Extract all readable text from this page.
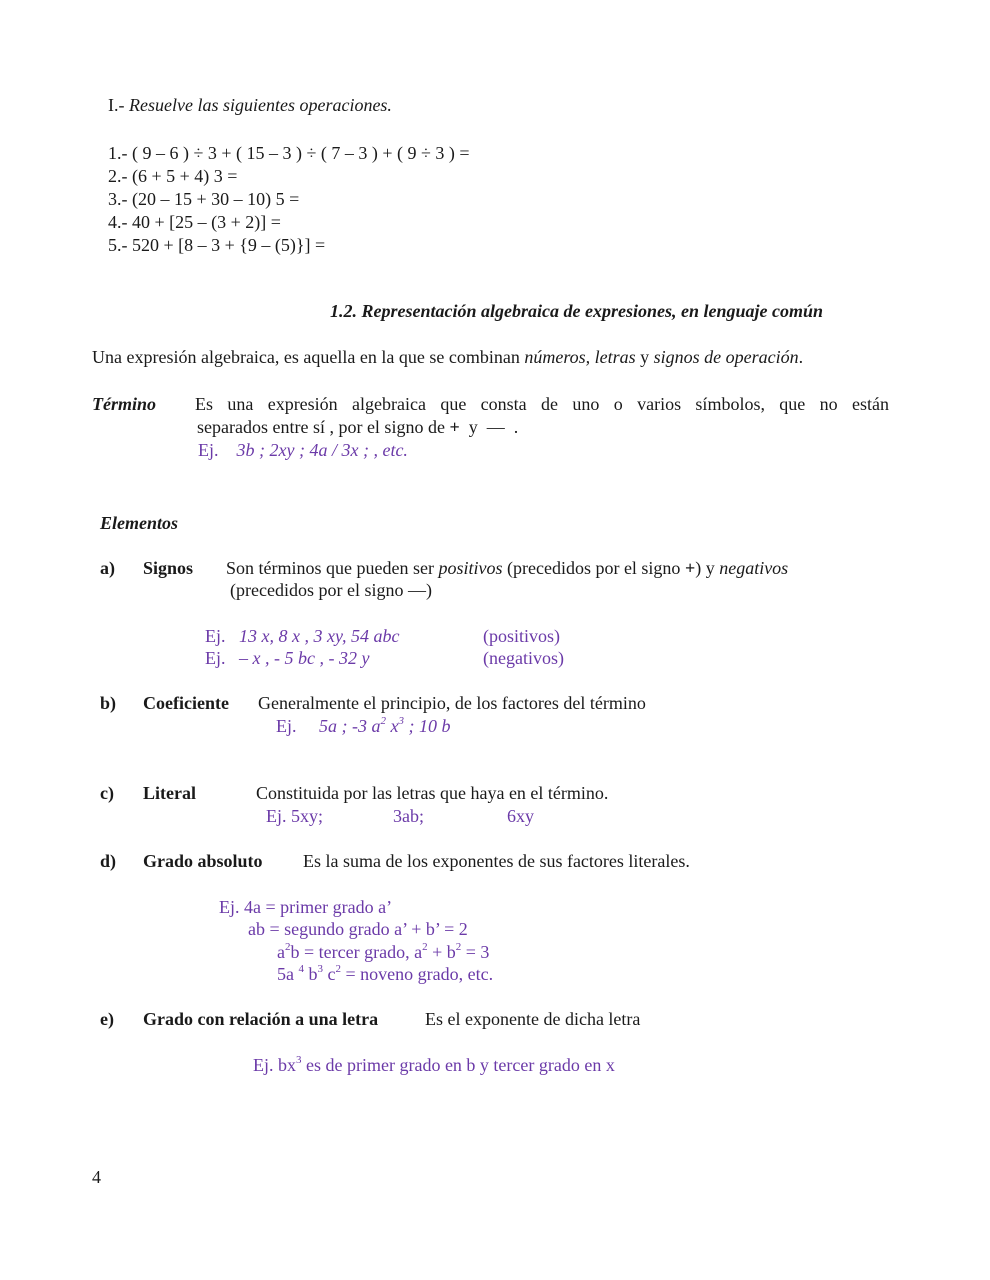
I.- Resuelve las siguientes operaciones.
1.- ( 9 – 6 ) ÷ 3 + ( 15 – 3 ) ÷ ( 7 – 3 ) + ( 9 ÷ 3 ) =
2.- (6 + 5 + 4) 3 =
3.- (20 – 15 + 30 – 10) 5 =
4.- 40 + [25 – (3 + 2)] =
5.- 520 + [8 – 3 + {9 – (5)}] =
1.2. Representación algebraica de expresiones, en lenguaje común
Una expresión algebraica, es aquella en la que se combinan números, letras y signos de operación.
Término Es una expresión algebraica que consta de uno o varios símbolos, que no están
separados entre sí , por el signo de + y — .
Ej. 3b ; 2xy ; 4a / 3x ; , etc.
Elementos
a) Signos Son términos que pueden ser positivos (precedidos por el signo +) y negativos
(precedidos por el signo —)
Ej. 13 x, 8 x , 3 xy, 54 abc	(positivos)
Ej. – x , - 5 bc , - 32 y	(negativos)
b) Coeficiente Generalmente el principio, de los factores del término
Ej. 5a ; -3 $a^2$ $x^3$ ; 10 b
c) Literal	Constituida por las letras que haya en el término.
Ej. 5xy;	3ab;	6xy
d) Grado absoluto Es la suma de los exponentes de sus factores literales.
Ej. 4a = primer grado a’
ab = segundo grado a’ + b’ = 2
$a^2b$ = tercer grado, $a^2 + b^2 = 3$
5a $^4$ $b^3$ $c^2$ = noveno grado, etc.
e) Grado con relación a una letra	Es el exponente de dicha letra
Ej. $bx^3$ es de primer grado en b y tercer grado en x
4
